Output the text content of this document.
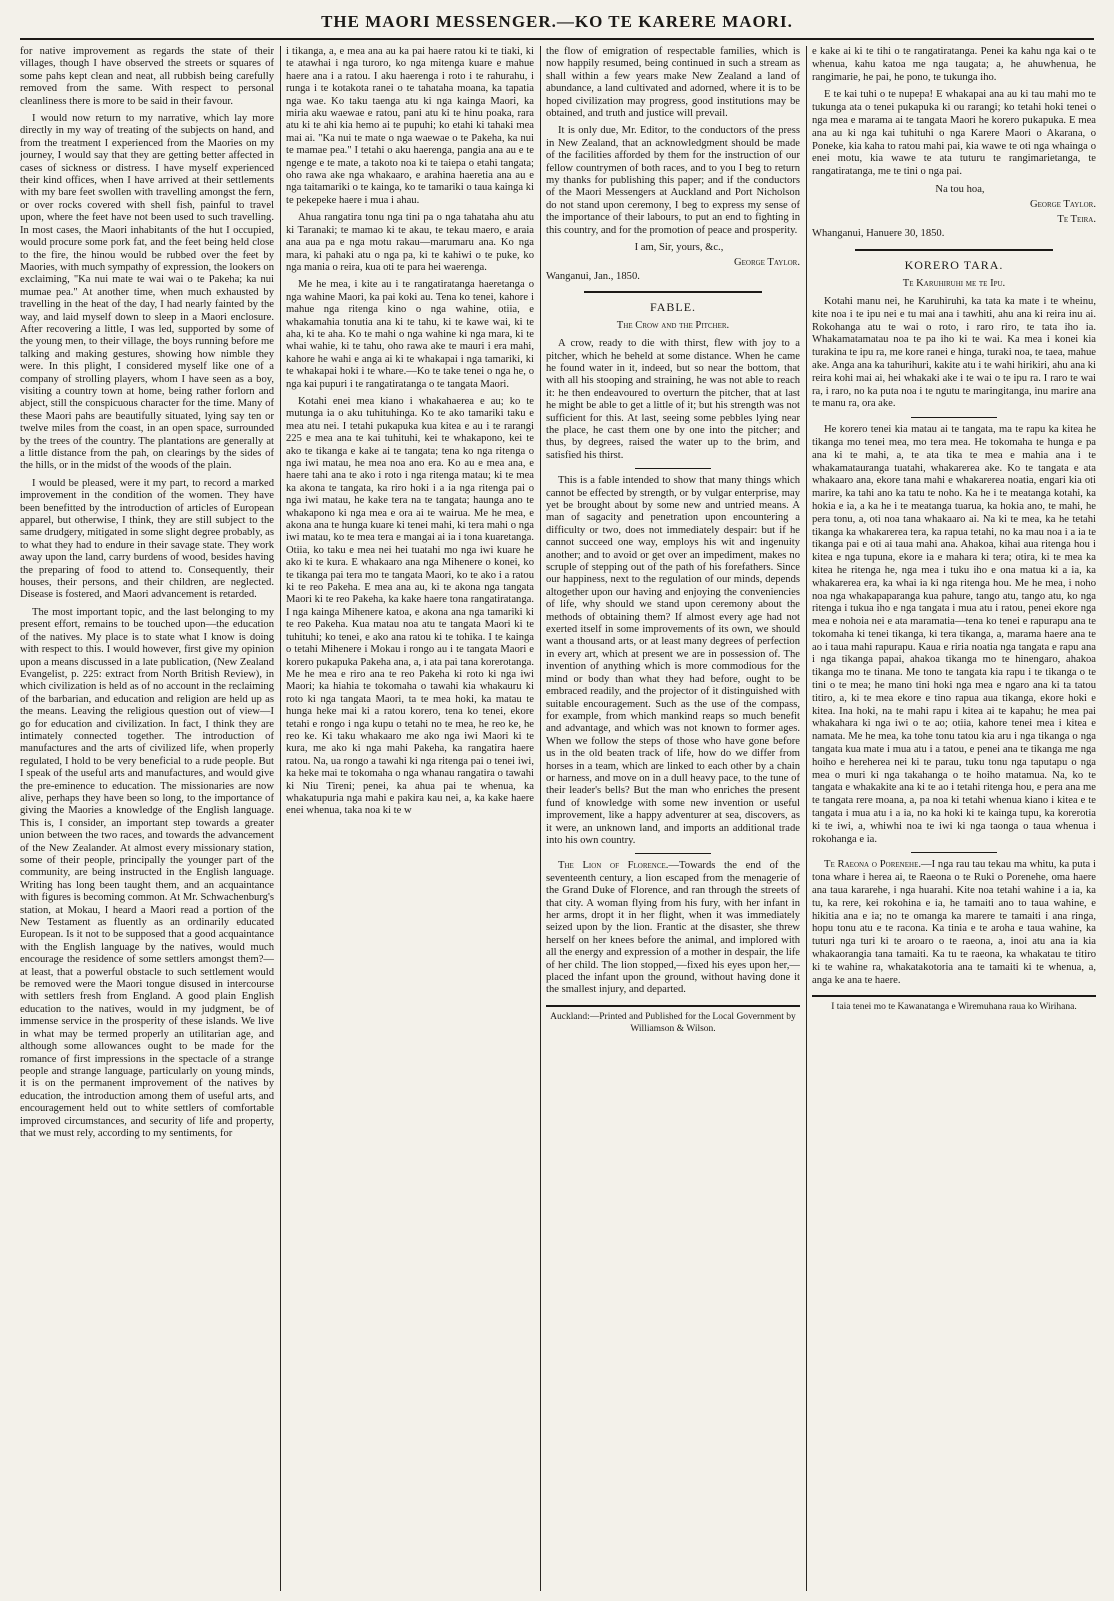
THE MAORI MESSENGER.—KO TE KARERE MAORI.

for native improvement as regards the state of their villages, though I have observed the streets or squares of some pahs kept clean and neat, all rubbish being carefully removed from the same. With respect to personal cleanliness there is more to be said in their favour.

I would now return to my narrative, which lay more directly in my way of treating of the subjects on hand, and from the treatment I experienced from the Maories on my journey, I would say that they are getting better affected in cases of sickness or distress. I have myself experienced their kind offices, when I have arrived at their settlements with my bare feet swollen with travelling amongst the fern, or over rocks covered with shell fish, painful to travel upon, where the feet have not been used to such travelling. In most cases, the Maori inhabitants of the hut I occupied, would procure some pork fat, and the feet being held close to the fire, the hinou would be rubbed over the feet by Maories, with much sympathy of expression, the lookers on exclaiming, "Ka nui mate te wai wai o te Pakeha; ka nui mumae pea." At another time, when much exhausted by travelling in the heat of the day, I had nearly fainted by the way, and laid myself down to sleep in a Maori enclosure. After recovering a little, I was led, supported by some of the young men, to their village, the boys running before me talking and making gestures, showing how nimble they were. In this plight, I considered myself like one of a company of strolling players, whom I have seen as a boy, visiting a country town at home, being rather forlorn and abject, still the conspicuous character for the time. Many of these Maori pahs are beautifully situated, lying say ten or twelve miles from the coast, in an open space, surrounded by the trees of the country. The plantations are generally at a little distance from the pah, on clearings by the sides of the hills, or in the midst of the woods of the plain.

I would be pleased, were it my part, to record a marked improvement in the condition of the women. They have been benefitted by the introduction of articles of European apparel, but otherwise, I think, they are still subject to the same drudgery, mitigated in some slight degree probably, as to what they had to endure in their savage state. They work away upon the land, carry burdens of wood, besides having the preparing of food to attend to. Consequently, their houses, their persons, and their children, are neglected. Disease is fostered, and Maori advancement is retarded.

The most important topic, and the last belonging to my present effort, remains to be touched upon—the education of the natives. My place is to state what I know is doing with respect to this. I would however, first give my opinion upon a means discussed in a late publication, (New Zealand Evangelist, p. 225: extract from North British Review), in which civilization is held as of no account in the reclaiming of the barbarian, and education and religion are held up as the means. Leaving the religious question out of view—I go for education and civilization. In fact, I think they are intimately connected together. The introduction of manufactures and the arts of civilized life, when properly regulated, I hold to be very beneficial to a rude people. But I speak of the useful arts and manufactures, and would give the pre-eminence to education. The missionaries are now alive, perhaps they have been so long, to the importance of giving the Maories a knowledge of the English language. This is, I consider, an important step towards a greater union between the two races, and towards the advancement of the New Zealander. At almost every missionary station, some of their people, principally the younger part of the community, are being instructed in the English language. Writing has long been taught them, and an acquaintance with figures is becoming common. At Mr. Schwachenburg's station, at Mokau, I heard a Maori read a portion of the New Testament as fluently as an ordinarily educated European. Is it not to be supposed that a good acquaintance with the English language by the natives, would much encourage the residence of some settlers amongst them?—at least, that a powerful obstacle to such settlement would be removed were the Maori tongue disused in intercourse with settlers fresh from England. A good plain English education to the natives, would in my judgment, be of immense service in the prosperity of these islands. We live in what may be termed properly an utilitarian age, and although some allowances ought to be made for the romance of first impressions in the spectacle of a strange people and strange language, particularly on young minds, it is on the permanent improvement of the natives by education, the introduction among them of useful arts, and encouragement held out to white settlers of comfortable improved circumstances, and security of life and property, that we must rely, according to my sentiments, for

i tikanga, a, e mea ana au ka pai haere ratou ki te tiaki, ki te atawhai i nga turoro, ko nga mitenga kuare e mahue haere ana i a ratou. I aku haerenga i roto i te rahurahu, i runga i te kotakota ranei o te tahataha moana, ka tapatia nga wae. Ko taku taenga atu ki nga kainga Maori, ka miria aku waewae e ratou, pani atu ki te hinu poaka, rara atu ki te ahi kia hemo ai te pupuhi; ko etahi ki tahaki mea mai ai. "Ka nui te mate o nga waewae o te Pakeha, ka nui te mamae pea." I tetahi o aku haerenga, pangia ana au e te ngenge e te mate, a takoto noa ki te taiepa o etahi tangata; oho rawa ake nga whakaaro, e arahina haeretia ana au e nga taitamariki o te kainga, ko te tamariki o taua kainga ki te pekepeke haere i mua i ahau.

Ahua rangatira tonu nga tini pa o nga tahataha ahu atu ki Taranaki; te mamao ki te akau, te tekau maero, e araia ana aua pa e nga motu rakau—marumaru ana. Ko nga mara, ki pahaki atu o nga pa, ki te kahiwi o te puke, ko nga mania o reira, kua oti te para hei waerenga.

Me he mea, i kite au i te rangatiratanga haeretanga o nga wahine Maori, ka pai koki au. Tena ko tenei, kahore i mahue nga ritenga kino o nga wahine, otiia, e whakamahia tonutia ana ki te tahu, ki te kawe wai, ki te aha, ki te aha. Ko te mahi o nga wahine ki nga mara, ki te whai wahie, ki te tahu, oho rawa ake te mauri i era mahi, kahore he wahi e anga ai ki te whakapai i nga tamariki, ki te whakapai hoki i te whare.—Ko te take tenei o nga he, o nga kai pupuri i te rangatiratanga o te tangata Maori.

Kotahi enei mea kiano i whakahaerea e au; ko te mutunga ia o aku tuhituhinga. Ko te ako tamariki taku e mea atu nei. I tetahi pukapuka kua kitea e au i te rarangi 225 e mea ana te kai tuhituhi, kei te whakapono, kei te ako te tikanga e kake ai te tangata; tena ko nga ritenga o nga iwi matau, he mea noa ano era. Ko au e mea ana, e haere tahi ana te ako i roto i nga ritenga matau; ki te mea ka akona te tangata, ka riro hoki i a ia nga ritenga pai o nga iwi matau, he kake tera na te tangata; haunga ano te whakapono ki nga mea e ora ai te wairua. Me he mea, e akona ana te hunga kuare ki tenei mahi, ki tera mahi o nga iwi matau, ko te mea tera e mangai ai ia i tona kuaretanga. Otiia, ko taku e mea nei hei tuatahi mo nga iwi kuare he ako ki te kura. E whakaaro ana nga Mihenere o konei, ko te tikanga pai tera mo te tangata Maori, ko te ako i a ratou ki te reo Pakeha. E mea ana au, ki te akona nga tangata Maori ki te reo Pakeha, ka kake haere tona rangatiratanga. I nga kainga Mihenere katoa, e akona ana nga tamariki ki te reo Pakeha. Kua matau noa atu te tangata Maori ki te tuhituhi; ko tenei, e ako ana ratou ki te tohika. I te kainga o tetahi Mihenere i Mokau i rongo au i te tangata Maori e korero pukapuka Pakeha ana, a, i ata pai tana korerotanga. Me he mea e riro ana te reo Pakeha ki roto ki nga iwi Maori; ka hiahia te tokomaha o tawahi kia whakauru ki roto ki nga tangata Maori, ta te mea hoki, ka matau te hunga heke mai ki a ratou korero, tena ko tenei, ekore tetahi e rongo i nga kupu o tetahi no te mea, he reo ke, he reo ke. Ki taku whakaaro me ako nga iwi Maori ki te kura, me ako ki nga mahi Pakeha, ka rangatira haere ratou. Na, ua rongo a tawahi ki nga ritenga pai o tenei iwi, ka heke mai te tokomaha o nga whanau rangatira o tawahi ki Niu Tireni; penei, ka ahua pai te whenua, ka whakatupuria nga mahi e pakira kau nei, a, ka kake haere enei whenua, taka noa ki te w

the flow of emigration of respectable families, which is now happily resumed, being continued in such a stream as shall within a few years make New Zealand a land of abundance, a land cultivated and adorned, where it is to be hoped civilization may progress, good institutions may be obtained, and truth and justice will prevail.

It is only due, Mr. Editor, to the conductors of the press in New Zealand, that an acknowledgment should be made of the facilities afforded by them for the instruction of our fellow countrymen of both races, and to you I beg to return my thanks for publishing this paper; and if the conductors of the Maori Messengers at Auckland and Port Nicholson do not stand upon ceremony, I beg to express my sense of the importance of their labours, to put an end to fighting in this country, and for the promotion of peace and prosperity.

I am, Sir, yours, &c.,

George Taylor.

Wanganui, Jan., 1850.

FABLE.
The Crow and the Pitcher.

A crow, ready to die with thirst, flew with joy to a pitcher, which he beheld at some distance. When he came he found water in it, indeed, but so near the bottom, that with all his stooping and straining, he was not able to reach it: he then endeavoured to overturn the pitcher, that at last he might be able to get a little of it; but his strength was not sufficient for this. At last, seeing some pebbles lying near the place, he cast them one by one into the pitcher; and thus, by degrees, raised the water up to the brim, and satisfied his thirst.

This is a fable intended to show that many things which cannot be effected by strength, or by vulgar enterprise, may yet be brought about by some new and untried means. A man of sagacity and penetration upon encountering a difficulty or two, does not immediately despair: but if he cannot succeed one way, employs his wit and ingenuity another; and to avoid or get over an impediment, makes no scruple of stepping out of the path of his forefathers. Since our happiness, next to the regulation of our minds, depends altogether upon our having and enjoying the conveniencies of life, why should we stand upon ceremony about the methods of obtaining them? If almost every age had not exerted itself in some improvements of its own, we should want a thousand arts, or at least many degrees of perfection in every art, which at present we are in possession of. The invention of anything which is more commodious for the mind or body than what they had before, ought to be embraced readily, and the projector of it distinguished with suitable encouragement. Such as the use of the compass, for example, from which mankind reaps so much benefit and advantage, and which was not known to former ages. When we follow the steps of those who have gone before us in the old beaten track of life, how do we differ from horses in a team, which are linked to each other by a chain or harness, and move on in a dull heavy pace, to the tune of their leader's bells? But the man who enriches the present fund of knowledge with some new invention or useful improvement, like a happy adventurer at sea, discovers, as it were, an unknown land, and imports an additional trade into his own country.

The Lion of Florence.—Towards the end of the seventeenth century, a lion escaped from the menagerie of the Grand Duke of Florence, and ran through the streets of that city. A woman flying from his fury, with her infant in her arms, dropt it in her flight, when it was immediately seized upon by the lion. Frantic at the disaster, she threw herself on her knees before the animal, and implored with all the energy and expression of a mother in despair, the life of her child. The lion stopped,—fixed his eyes upon her,—placed the infant upon the ground, without having done it the smallest injury, and departed.

Auckland:—Printed and Published for the Local Government by Williamson & Wilson.

e kake ai ki te tihi o te rangatiratanga. Penei ka kahu nga kai o te whenua, kahu katoa me nga taugata; a, he ahuwhenua, he rangimarie, he pai, he pono, te tukunga iho.

E te kai tuhi o te nupepa! E whakapai ana au ki tau mahi mo te tukunga ata o tenei pukapuka ki ou rarangi; ko tetahi hoki tenei o nga mea e marama ai te tangata Maori he korero pukapuka. E mea ana au ki nga kai tuhituhi o nga Karere Maori o Akarana, o Poneke, kia kaha to ratou mahi pai, kia wawe te oti nga whainga o enei motu, kia wawe te ata tuturu te rangimarietanga, te rangatiratanga, me te tini o nga pai.

Na tou hoa,

George Taylor.

Te Teira.

Whanganui, Hanuere 30, 1850.

KORERO TARA.
Te Karuhiruhi me te Ipu.

Kotahi manu nei, he Karuhiruhi, ka tata ka mate i te wheinu, kite noa i te ipu nei e tu mai ana i tawhiti, ahu ana ki reira inu ai. Rokohanga atu te wai o roto, i raro riro, te tata iho ia. Whakamatamatau noa te pa iho ki te wai. Ka mea i konei kia turakina te ipu ra, me kore ranei e hinga, turaki noa, te taea, mahue ake. Anga ana ka tahurihuri, kakite atu i te wahi hirikiri, ahu ana ki reira kohi mai ai, hei whakaki ake i te wai o te ipu ra. I raro te wai ra, i raro, no ka puta noa i te ngutu te maringitanga, inu marire ana te manu ra, ora ake.

He korero tenei kia matau ai te tangata, ma te rapu ka kitea he tikanga mo tenei mea, mo tera mea. He tokomaha te hunga e pa ana ki te mahi, a, te ata tika te mea e mahia ana i te whakamatauranga tuatahi, whakarerea ake. Ko te tangata e ata whakaaro ana, ekore tana mahi e whakarerea noatia, engari kia oti marire, ka tahi ano ka tatu te noho. Ka he i te meatanga kotahi, ka hokia e ia, a ka he i te meatanga tuarua, ka hokia ano, te mahi, he pera tonu, a, oti noa tana whakaaro ai. Na ki te mea, ka he tetahi tikanga ka whakarerea tera, ka rapua tetahi, no ka mau noa i a ia te tikanga pai e oti ai taua mahi ana. Ahakoa, kihai aua ritenga hou i kitea e nga tupuna, ekore ia e mahara ki tera; otira, ki te mea ka kitea he ritenga he, nga mea i tuku iho e ona matua ki a ia, ka whakarerea era, ka whai ia ki nga ritenga hou. Me he mea, i noho noa nga whakapaparanga kua pahure, tango atu, tango atu, ko nga ritenga i tukua iho e nga tangata i mua atu i ratou, penei ekore nga mea e nohoia nei e ata maramatia—tena ko tenei e rapurapu ana te tokomaha ki tenei tikanga, ki tera tikanga, a, marama haere ana te ao i taua mahi rapurapu. Kaua e riria noatia nga tangata e rapu ana i nga tikanga papai, ahakoa tikanga mo te hinengaro, ahakoa tikanga mo te tinana. Me tono te tangata kia rapu i te tikanga o te tini o te mea; he mano tini hoki nga mea e ngaro ana ki ta tatou titiro, a, ki te mea ekore e tino rapua aua tikanga, ekore hoki e kitea. Ina hoki, na te mahi rapu i kitea ai te kapahu; he mea pai whakahara ki nga iwi o te ao; otiia, kahore tenei mea i kitea e namata. Me he mea, ka tohe tonu tatou kia aru i nga tikanga o nga tangata kua mate i mua atu i a tatou, e penei ana te tikanga me nga hoiho e hereherea nei ki te parau, tuku tonu nga taputapu o nga mea o muri ki nga takahanga o te hoiho matamua. Na, ko te tangata e whakakite ana ki te ao i tetahi ritenga hou, e pera ana me te tangata rere moana, a, pa noa ki tetahi whenua kiano i kitea e te tangata i mua atu i a ia, no ka hoki ki te kainga tupu, ka korerotia ki te iwi, a, whiwhi noa te iwi ki nga taonga o taua whenua i rokohanga e ia.

Te Raeona o Porenehe.—I nga rau tau tekau ma whitu, ka puta i tona whare i herea ai, te Raeona o te Ruki o Porenehe, oma haere ana taua kararehe, i nga huarahi. Kite noa tetahi wahine i a ia, ka tu, ka rere, kei rokohina e ia, he tamaiti ano to taua wahine, e hikitia ana e ia; no te omanga ka marere te tamaiti i ana ringa, hopu tonu atu e te racona. Ka tinia e te aroha e taua wahine, ka tuturi nga turi ki te aroaro o te raeona, a, inoi atu ana ia kia whakaorangia tana tamaiti. Ka tu te raeona, ka whakatau te titiro ki te wahine ra, whakatakotoria ana te tamaiti ki te whenua, a, anga ke ana te haere.

I taia tenei mo te Kawanatanga e Wiremuhana raua ko Wirihana.
